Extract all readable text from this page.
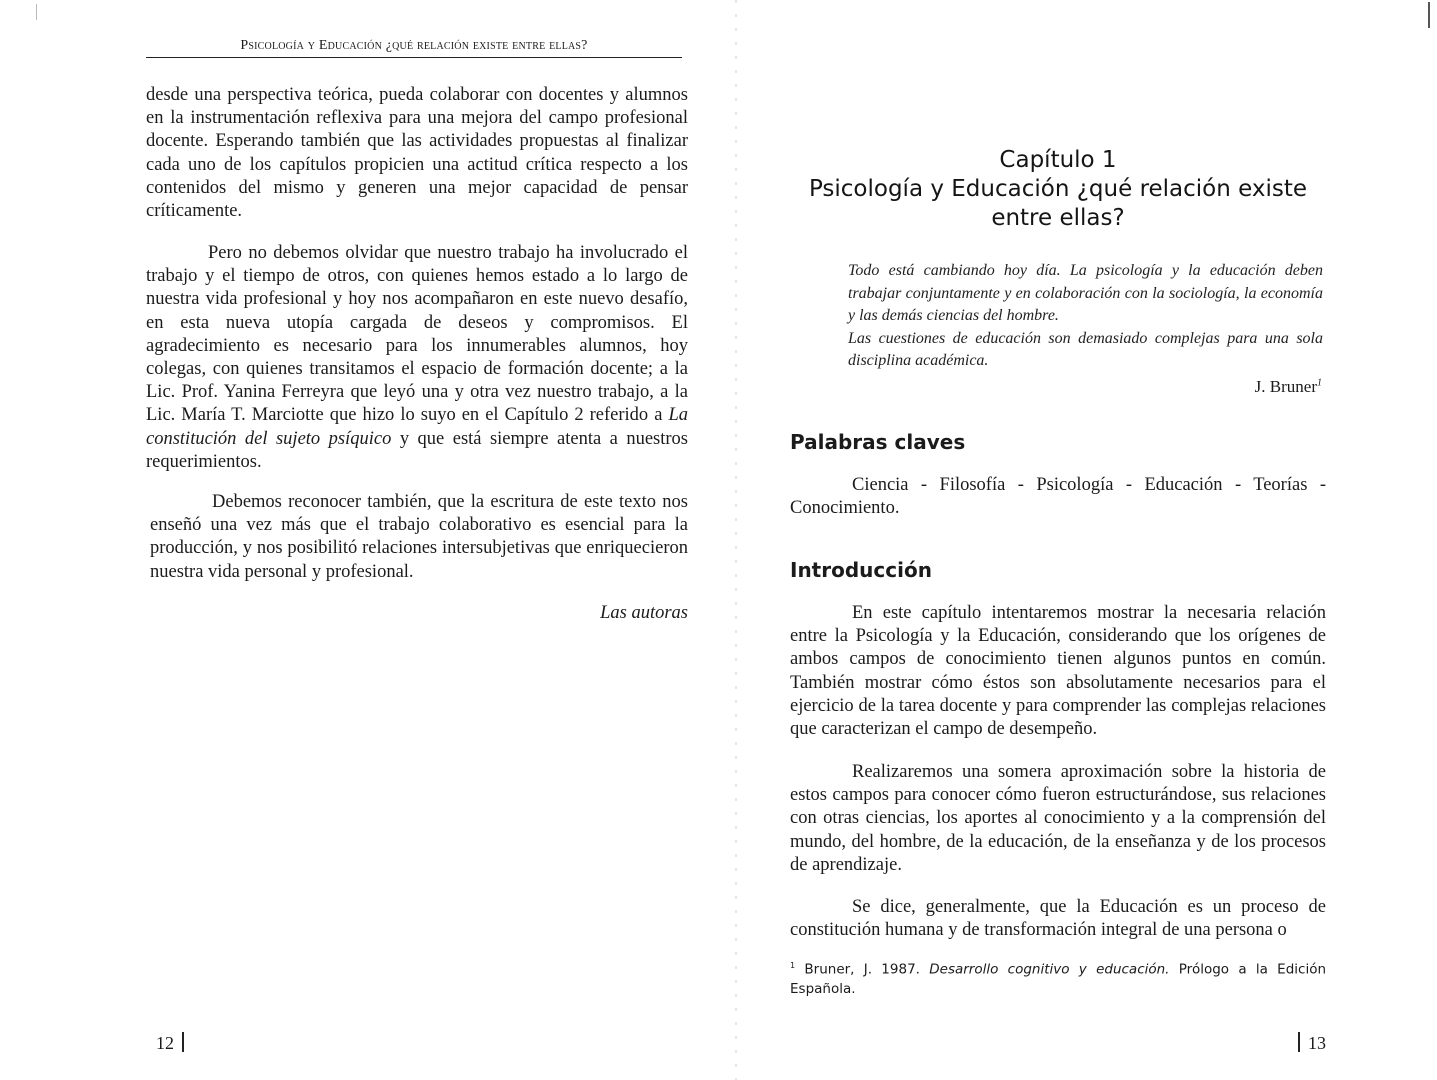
Psicología y Educación ¿qué relación existe entre ellas?

desde una perspectiva teórica, pueda colaborar con docentes y alumnos en la instrumentación reflexiva para una mejora del campo profesional docente. Esperando también que las actividades propuestas al finalizar cada uno de los capítulos propicien una actitud crítica respecto a los contenidos del mismo y generen una mejor capacidad de pensar críticamente.

Pero no debemos olvidar que nuestro trabajo ha involucrado el trabajo y el tiempo de otros, con quienes hemos estado a lo largo de nuestra vida profesional y hoy nos acompañaron en este nuevo desafío, en esta nueva utopía cargada de deseos y compromisos. El agradecimiento es necesario para los innumerables alumnos, hoy colegas, con quienes transitamos el espacio de formación docente; a la Lic. Prof. Yanina Ferreyra que leyó una y otra vez nuestro trabajo, a la Lic. María T. Marciotte que hizo lo suyo en el Capítulo 2 referido a La constitución del sujeto psíquico y que está siempre atenta a nuestros requerimientos.

Debemos reconocer también, que la escritura de este texto nos enseñó una vez más que el trabajo colaborativo es esencial para la producción, y nos posibilitó relaciones intersubjetivas que enriquecieron nuestra vida personal y profesional.

Las autoras
12
Capítulo 1
Psicología y Educación ¿qué relación existe
entre ellas?

Todo está cambiando hoy día. La psicología y la educación deben trabajar conjuntamente y en colaboración con la sociología, la economía y las demás ciencias del hombre.

Las cuestiones de educación son demasiado complejas para una sola disciplina académica.

J. Bruner$^1$
Palabras claves

Ciencia - Filosofía - Psicología - Educación - Teorías - Conocimiento.

Introducción

En este capítulo intentaremos mostrar la necesaria relación entre la Psicología y la Educación, considerando que los orígenes de ambos campos de conocimiento tienen algunos puntos en común. También mostrar cómo éstos son absolutamente necesarios para el ejercicio de la tarea docente y para comprender las complejas relaciones que caracterizan el campo de desempeño.

Realizaremos una somera aproximación sobre la historia de estos campos para conocer cómo fueron estructurándose, sus relaciones con otras ciencias, los aportes al conocimiento y a la comprensión del mundo, del hombre, de la educación, de la enseñanza y de los procesos de aprendizaje.

Se dice, generalmente, que la Educación es un proceso de constitución humana y de transformación integral de una persona o

$^1$ Bruner, J. 1987. Desarrollo cognitivo y educación. Prólogo a la Edición Española.
13
